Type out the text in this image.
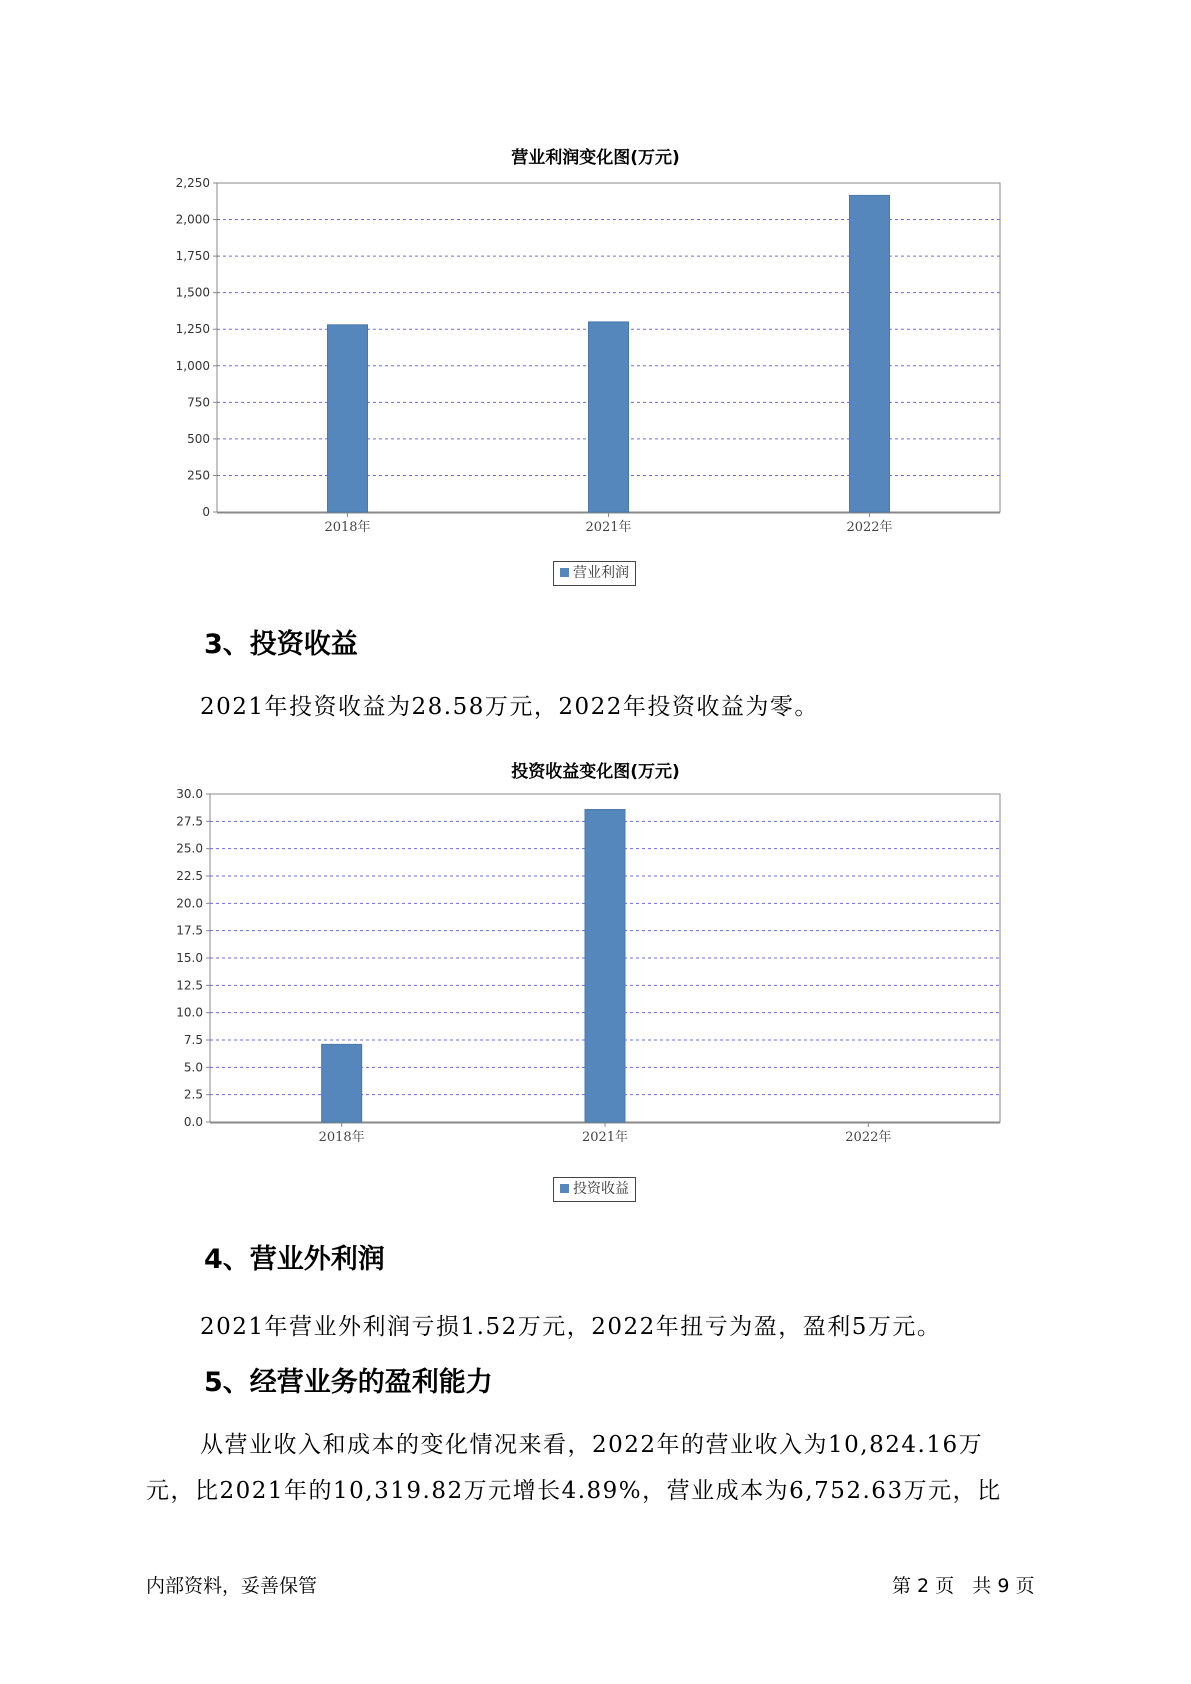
营业利润变化图(万元)
0
250
500
750
1,000
1,250
1,500
1,750
2,000
2,250
2018年	2021年	2022年
营业利润
3、投资收益
2021年投资收益为28.58万元，2022年投资收益为零。
投资收益变化图(万元)
0.0
2.5
5.0
7.5
10.0
12.5
15.0
17.5
20.0
22.5
25.0
27.5
30.0
2018年	2021年	2022年
投资收益
4、营业外利润
2021年营业外利润亏损1.52万元，2022年扭亏为盈，盈利5万元。
5、经营业务的盈利能力
从营业收入和成本的变化情况来看，2022年的营业收入为10,824.16万
元，比2021年的10,319.82万元增长4.89%，营业成本为6,752.63万元，比
内部资料，妥善保管	第 2 页   共 9 页
